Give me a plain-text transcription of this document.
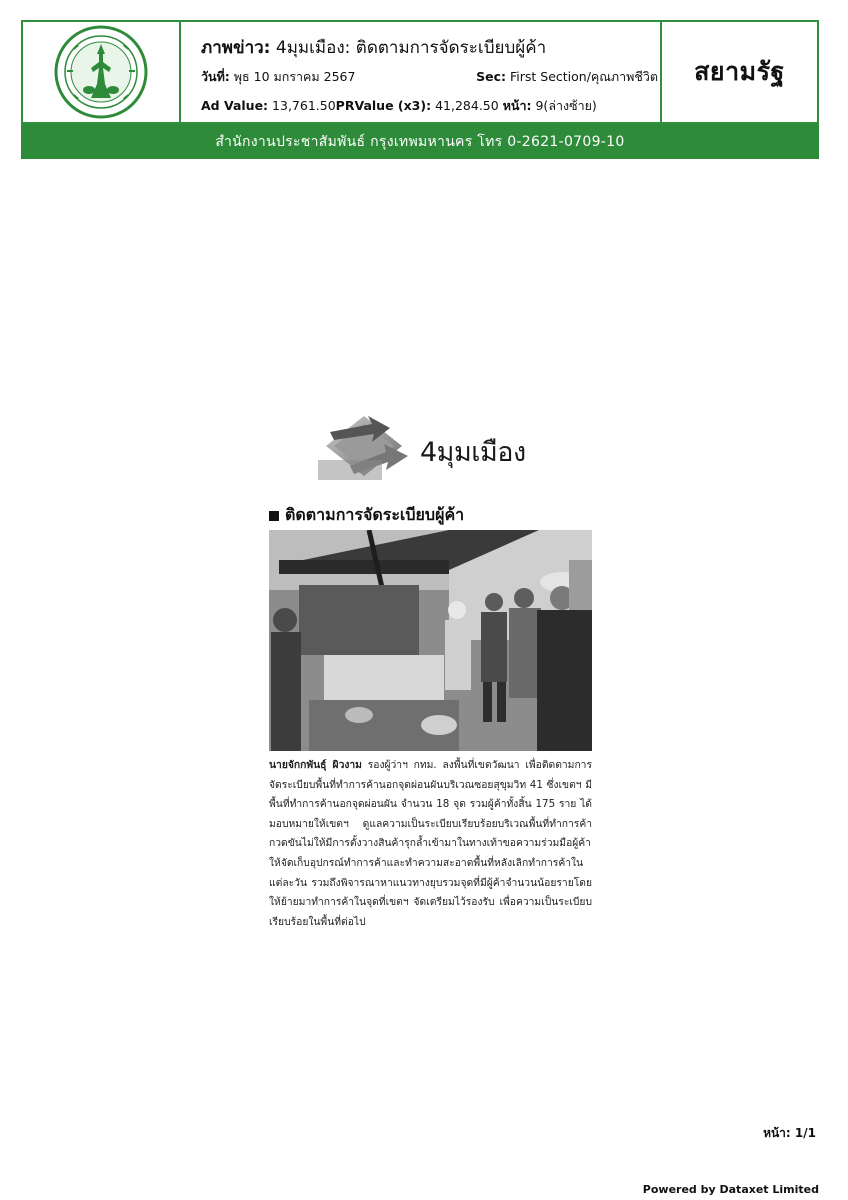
ภาพข่าว: 4มุมเมือง: ติดตามการจัดระเบียบผู้ค้า
วันที่: พุธ 10 มกราคม 2567	Sec: First Section/คุณภาพชีวิต
Ad Value: 13,761.50PRValue (x3): 41,284.50 หน้า: 9(ล่างซ้าย)
สยามรัฐ
สำนักงานประชาสัมพันธ์ กรุงเทพมหานคร โทร 0-2621-0709-10
4มุมเมือง
ติดตามการจัดระเบียบผู้ค้า
นายจักกพันธุ์ ผิวงาม รองผู้ว่าฯ กทม. ลงพื้นที่เขตวัฒนา เพื่อติดตามการจัดระเบียบพื้นที่ทำการค้านอกจุดผ่อนผันบริเวณซอยสุขุมวิท 41 ซึ่งเขตฯ มีพื้นที่ทำการค้านอกจุดผ่อนผัน จำนวน 18 จุด รวมผู้ค้าทั้งสิ้น 175 ราย ได้มอบหมายให้เขตฯ ดูแลความเป็นระเบียบเรียบร้อยบริเวณพื้นที่ทำการค้ากวดขันไม่ให้มีการตั้งวางสินค้ารุกล้ำเข้ามาในทางเท้าขอความร่วมมือผู้ค้าให้จัดเก็บอุปกรณ์ทำการค้าและทำความสะอาดพื้นที่หลังเลิกทำการค้าในแต่ละวัน รวมถึงพิจารณาหาแนวทางยุบรวมจุดที่มีผู้ค้าจำนวนน้อยรายโดยให้ย้ายมาทำการค้าในจุดที่เขตฯ จัดเตรียมไว้รองรับ เพื่อความเป็นระเบียบเรียบร้อยในพื้นที่ต่อไป
หน้า: 1/1
Powered by Dataxet Limited
